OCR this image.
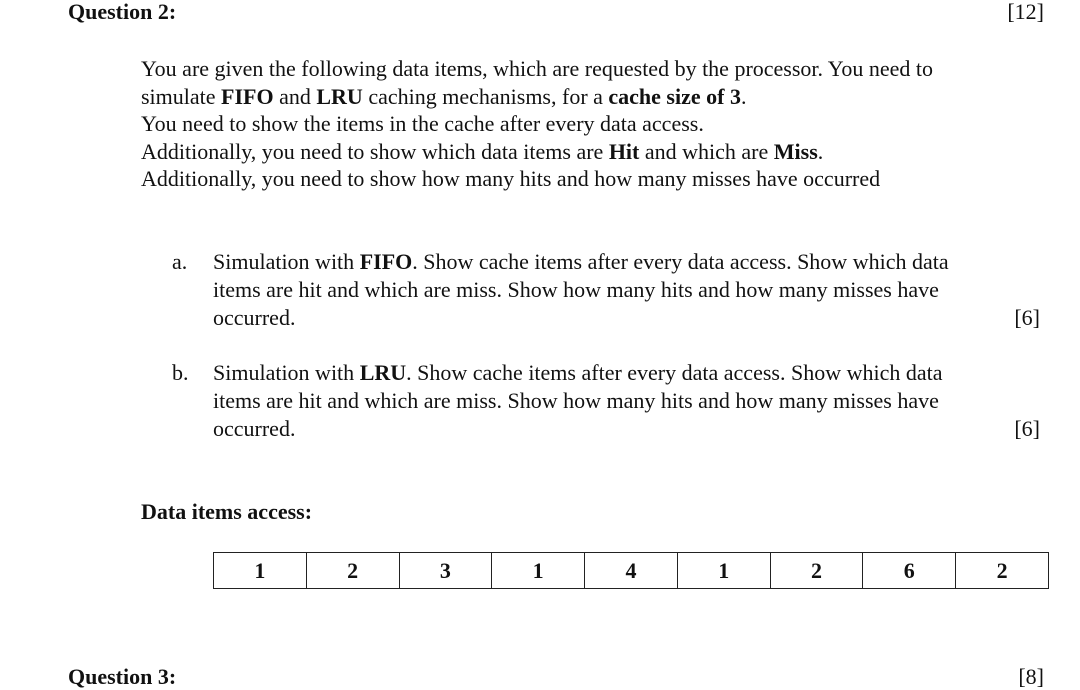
Question 2:	[12]

You are given the following data items, which are requested by the processor. You need to

simulate FIFO and LRU caching mechanisms, for a cache size of 3.

You need to show the items in the cache after every data access.

Additionally, you need to show which data items are Hit and which are Miss.

Additionally, you need to show how many hits and how many misses have occurred

a. Simulation with FIFO. Show cache items after every data access. Show which data
items are hit and which are miss. Show how many hits and how many misses have
occurred.	[6]
b. Simulation with LRU. Show cache items after every data access. Show which data
items are hit and which are miss. Show how many hits and how many misses have
occurred.	[6]
Data items access:
1	2	3	1	4	1	2	6	2
Question 3:	[8]
